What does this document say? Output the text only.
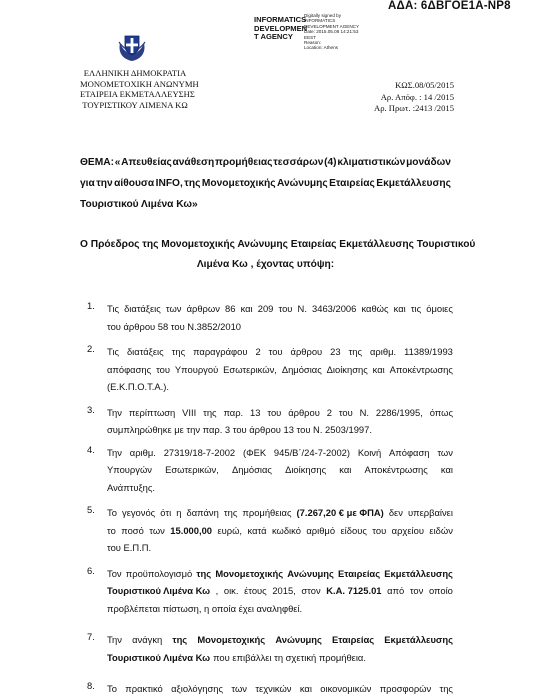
ΑΔΑ: 6ΔΒΓΟΕ1Α-ΝΡ8
INFORMATICS
DEVELOPMEN
T AGENCY
Digitally signed by
INFORMATICS
DEVELOPMENT AGENCY
Date: 2015.05.08 14:21:53
EEST
Reason:
Location: Athens
ΕΛΛΗΝΙΚΗ ΔΗΜΟΚΡΑΤΙΑ
ΜΟΝΟΜΕΤΟΧΙΚΗ ΑΝΩΝΥΜΗ
ΕΤΑΙΡΕΙΑ ΕΚΜΕΤΑΛΛΕΥΣΗΣ
ΤΟΥΡΙΣΤΙΚΟΥ ΛΙΜΕΝΑ ΚΩ
ΚΩΣ.08/05/2015
Αρ. Απόφ. : 14 /2015
Αρ. Πρωτ. :2413 /2015
ΘΕΜΑ: « Απευθείας ανάθεση προμήθειας τεσσάρων (4) κλιματιστικών μονάδων
για την αίθουσα INFO, της Μονομετοχικής Ανώνυμης Εταιρείας Εκμετάλλευσης
Τουριστικού Λιμένα Κω»
Ο Πρόεδρος της Μονομετοχικής Ανώνυμης Εταιρείας Εκμετάλλευσης Τουριστικού
Λιμένα Κω , έχοντας υπόψη:
1. Τις διατάξεις των άρθρων 86 και 209 του Ν. 3463/2006 καθώς και τις όμοιες
του άρθρου 58 του Ν.3852/2010
2. Τις διατάξεις της παραγράφου 2 του άρθρου 23 της αριθμ. 11389/1993
απόφασης του Υπουργού Εσωτερικών, Δημόσιας Διοίκησης και Αποκέντρωσης
(Ε.Κ.Π.Ο.Τ.Α.).
3. Την περίπτωση VIII της παρ. 13 του άρθρου 2 του Ν. 2286/1995, όπως
συμπληρώθηκε με την παρ. 3 του άρθρου 13 του Ν. 2503/1997.
4. Την αριθμ. 27319/18-7-2002 (ΦΕΚ 945/Β΄/24-7-2002) Κοινή Απόφαση των
Υπουργών Εσωτερικών, Δημόσιας Διοίκησης και Αποκέντρωσης και
Ανάπτυξης.
5. Το γεγονός ότι η δαπάνη της προμήθειας (7.267,20 € με ΦΠΑ) δεν υπερβαίνει
το ποσό των 15.000,00 ευρώ, κατά κωδικό αριθμό είδους του αρχείου ειδών
του Ε.Π.Π.
6. Τον προϋπολογισμό της Μονομετοχικής Ανώνυμης Εταιρείας Εκμετάλλευσης
Τουριστικού Λιμένα Κω , οικ. έτους 2015, στον Κ.Α. 7125.01 από τον οποίο
προβλέπεται πίστωση, η οποία έχει αναληφθεί.
7. Την ανάγκη της Μονομετοχικής Ανώνυμης Εταιρείας Εκμετάλλευσης
Τουριστικού Λιμένα Κω που επιβάλλει τη σχετική προμήθεια.
8. Το πρακτικό αξιολόγησης των τεχνικών και οικονομικών προσφορών της
